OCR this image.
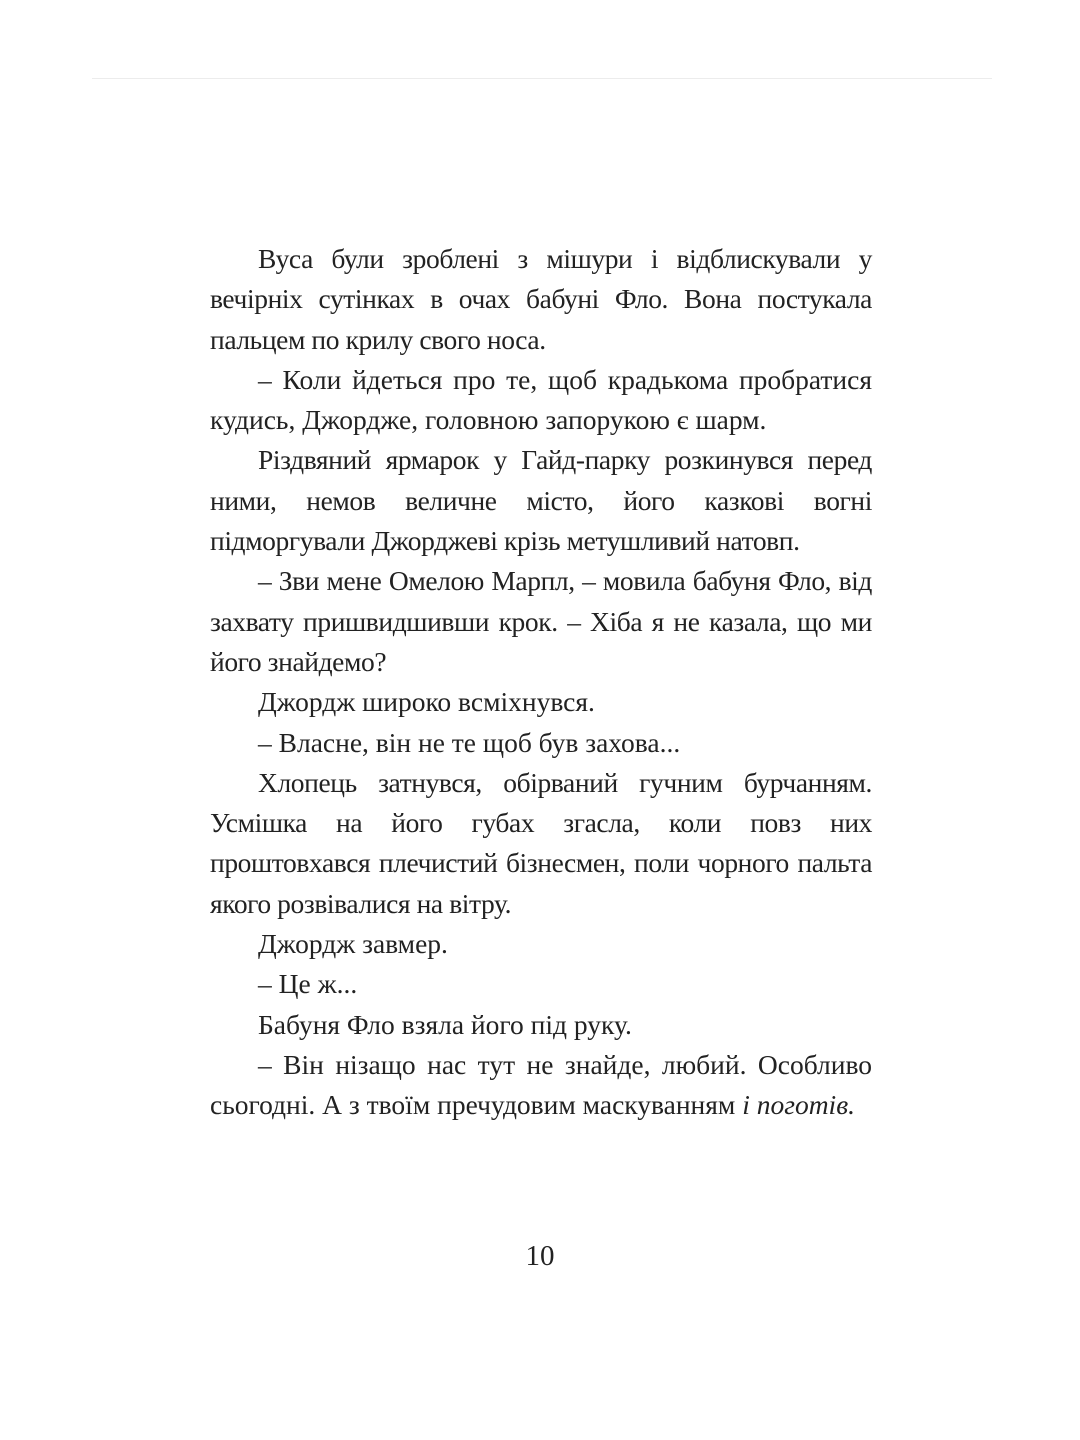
Вуса були зроблені з мішури і відблискували у вечірніх сутінках в очах бабуні Фло. Вона постукала пальцем по крилу свого носа.

– Коли йдеться про те, щоб крадькома пробратися кудись, Джордже, головною запорукою є шарм.

Різдвяний ярмарок у Гайд-парку розкинувся перед ними, немов величне місто, його казкові вогні підморгували Джорджеві крізь метушливий натовп.

– Зви мене Омелою Марпл, – мовила бабуня Фло, від захвату пришвидшивши крок. – Хіба я не казала, що ми його знайдемо?

Джордж широко всміхнувся.

– Власне, він не те щоб був захова...

Хлопець затнувся, обірваний гучним бурчанням. Усмішка на його губах згасла, коли повз них проштовхався плечистий бізнесмен, поли чорного пальта якого розвівалися на вітру.

Джордж завмер.

– Це ж...

Бабуня Фло взяла його під руку.

– Він нізащо нас тут не знайде, любий. Особливо сьогодні. А з твоїм пречудовим маскуванням і поготів.

10
